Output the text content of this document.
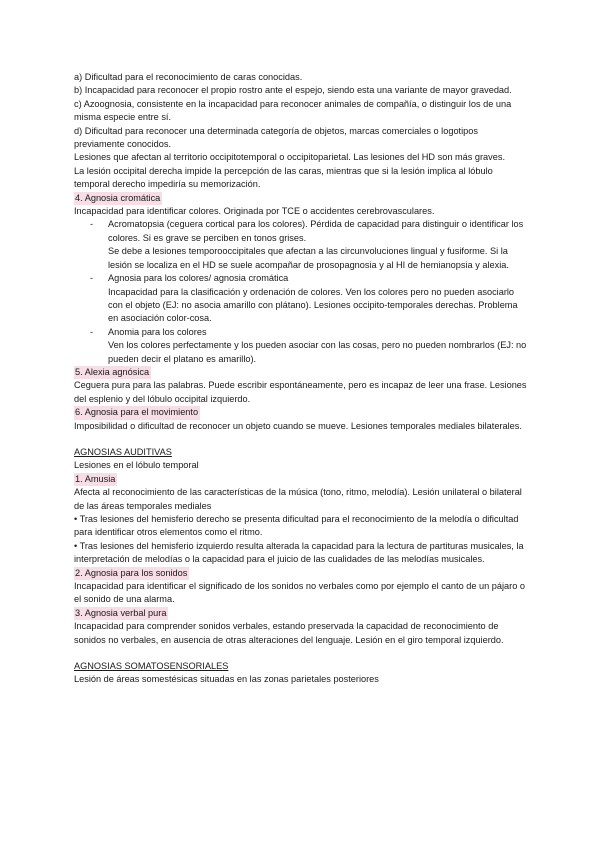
a) Dificultad para el reconocimiento de caras conocidas.

b) Incapacidad para reconocer el propio rostro ante el espejo, siendo esta una variante de mayor gravedad.

c) Azoognosia, consistente en la incapacidad para reconocer animales de compañía, o distinguir los de una misma especie entre sí.

d) Dificultad para reconocer una determinada categoría de objetos, marcas comerciales o logotipos previamente conocidos.

Lesiones que afectan al territorio occipitotemporal o occipitoparietal. Las lesiones del HD son más graves.

La lesión occipital derecha impide la percepción de las caras, mientras que si la lesión implica al lóbulo temporal derecho impediría su memorización.

4. Agnosia cromática

Incapacidad para identificar colores. Originada por TCE o accidentes cerebrovasculares.

- Acromatopsia (ceguera cortical para los colores). Pérdida de capacidad para distinguir o identificar los colores. Si es grave se perciben en tonos grises.

Se debe a lesiones temporooccipitales que afectan a las circunvoluciones lingual y fusiforme. Si la lesión se localiza en el HD se suele acompañar de prosopagnosia y al HI de hemianopsia y alexia.

- Agnosia para los colores/ agnosia cromática

Incapacidad para la clasificación y ordenación de colores. Ven los colores pero no pueden asociarlo con el objeto (EJ: no asocia amarillo con plátano). Lesiones occipito-temporales derechas. Problema en asociación color-cosa.

- Anomia para los colores

Ven los colores perfectamente y los pueden asociar con las cosas, pero no pueden nombrarlos (EJ: no pueden decir el platano es amarillo).

5. Alexia agnósica

Ceguera pura para las palabras. Puede escribir espontáneamente, pero es incapaz de leer una frase. Lesiones del esplenio y del lóbulo occipital izquierdo.

6. Agnosia para el movimiento

Imposibilidad o dificultad de reconocer un objeto cuando se mueve. Lesiones temporales mediales bilaterales.

AGNOSIAS AUDITIVAS

Lesiones en el lóbulo temporal

1. Amusia

Afecta al reconocimiento de las características de la música (tono, ritmo, melodía). Lesión unilateral o bilateral de las áreas temporales mediales

• Tras lesiones del hemisferio derecho se presenta dificultad para el reconocimiento de la melodía o dificultad para identificar otros elementos como el ritmo.

• Tras lesiones del hemisferio izquierdo resulta alterada la capacidad para la lectura de partituras musicales, la interpretación de melodías o la capacidad para el juicio de las cualidades de las melodías musicales.

2. Agnosia para los sonidos

Incapacidad para identificar el significado de los sonidos no verbales como por ejemplo el canto de un pájaro o el sonido de una alarma.

3. Agnosia verbal pura

Incapacidad para comprender sonidos verbales, estando preservada la capacidad de reconocimiento de sonidos no verbales, en ausencia de otras alteraciones del lenguaje. Lesión en el giro temporal izquierdo.

AGNOSIAS SOMATOSENSORIALES

Lesión de áreas somestésicas situadas en las zonas parietales posteriores
